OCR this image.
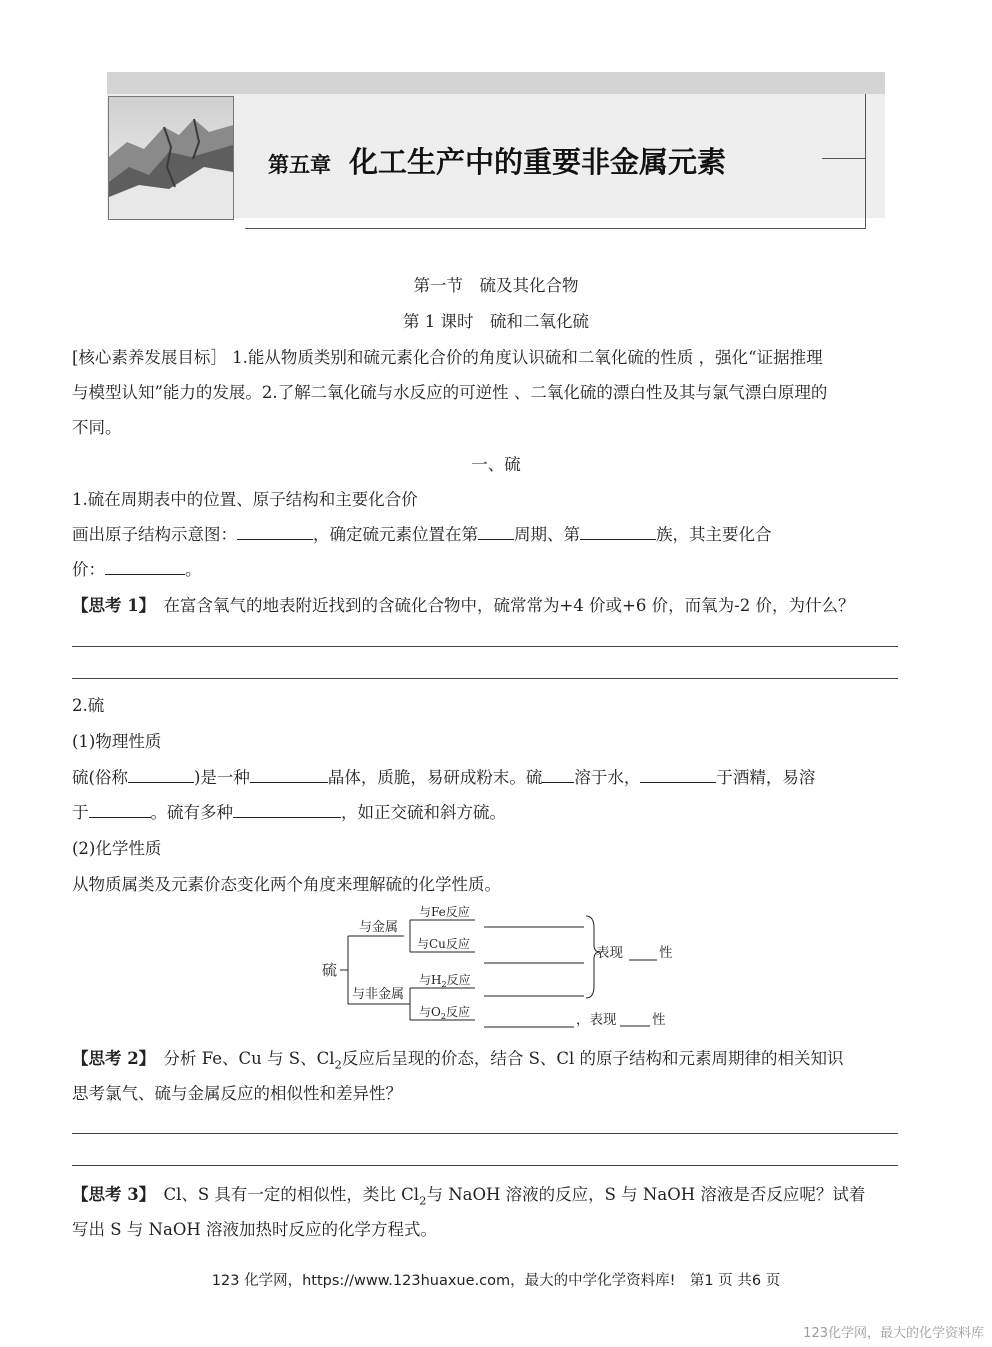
第五章 化工生产中的重要非金属元素
第一节　硫及其化合物
第 1 课时　硫和二氧化硫
[核心素养发展目标］ 1.能从物质类别和硫元素化合价的角度认识硫和二氧化硫的性质 ，强化“证据推理
与模型认知”能力的发展。2.了解二氧化硫与水反应的可逆性 、二氧化硫的漂白性及其与氯气漂白原理的
不同。
一、硫
1.硫在周期表中的位置、原子结构和主要化合价
画出原子结构示意图：	，确定硫元素位置在第 周期、第	族，其主要化合
价：	。
【思考 1】　 在富含氧气的地表附近找到的含硫化合物中，硫常常为+4 价或+6 价，而氧为-2 价，为什么？
2.硫
(1)物理性质
硫(俗称	)是一种	晶体，质脆，易研成粉末。硫 溶于水，	于酒精，易溶
于	。硫有多种	，如正交硫和斜方硫。
(2)化学性质
从物质属类及元素价态变化两个角度来理解硫的化学性质。
硫
与金属
与非金属
与Fe反应
与Cu反应
与$H_2$反应
与$O_2$反应
表现	性
，表现	性
【思考 2】　 分析 Fe、Cu 与 S、$Cl_2$反应后呈现的价态，结合 S、Cl 的原子结构和元素周期律的相关知识
思考氯气、硫与金属反应的相似性和差异性？
【思考 3】　 Cl、S 具有一定的相似性，类比 $Cl_2$与 NaOH 溶液的反应，S 与 NaOH 溶液是否反应呢？试着
写出 S 与 NaOH 溶液加热时反应的化学方程式。
123 化学网，https://www.123huaxue.com，最大的中学化学资料库!　第1 页 共6 页
123化学网，最大的化学资料库
